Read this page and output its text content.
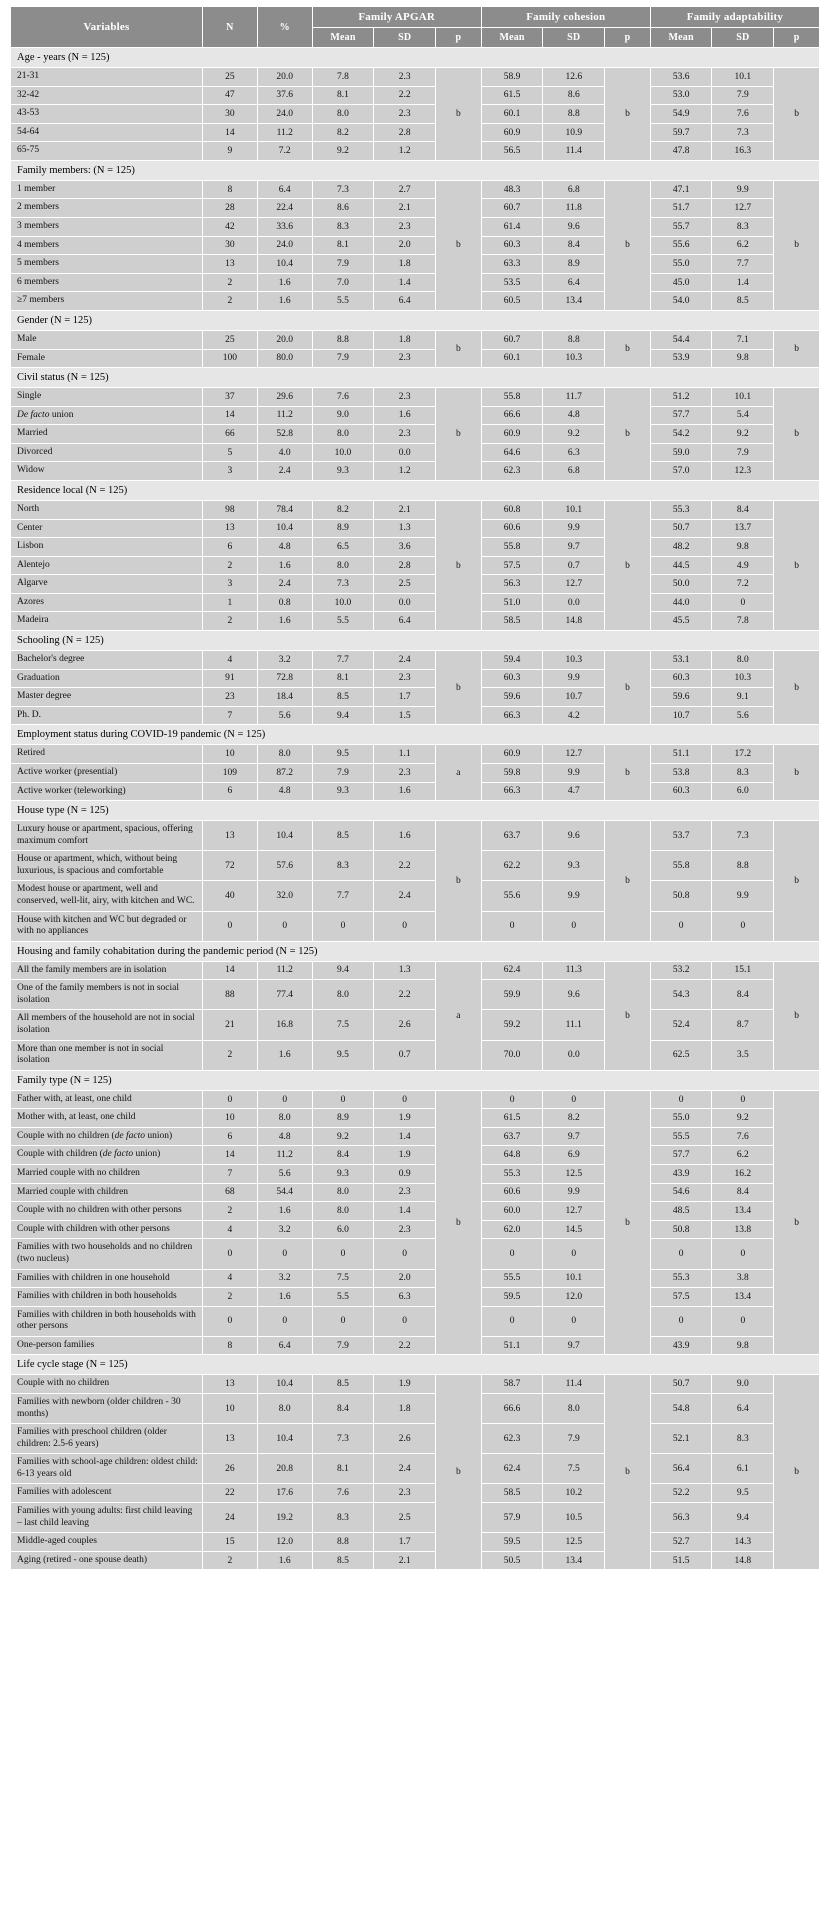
Variables	N	%	Family APGAR			Family cohesion			Family adaptability		
			Mean	SD	p	Mean	SD	p	Mean	SD	p
Age - years (N = 125)											
21-31	25	20.0	7.8	2.3	b	58.9	12.6	b	53.6	10.1	b
32-42	47	37.6	8.1	2.2		61.5	8.6		53.0	7.9	
43-53	30	24.0	8.0	2.3		60.1	8.8		54.9	7.6	
54-64	14	11.2	8.2	2.8		60.9	10.9		59.7	7.3	
65-75	9	7.2	9.2	1.2		56.5	11.4		47.8	16.3	
Family members: (N = 125)											
1 member	8	6.4	7.3	2.7	b	48.3	6.8	b	47.1	9.9	b
2 members	28	22.4	8.6	2.1		60.7	11.8		51.7	12.7	
3 members	42	33.6	8.3	2.3		61.4	9.6		55.7	8.3	
4 members	30	24.0	8.1	2.0		60.3	8.4		55.6	6.2	
5 members	13	10.4	7.9	1.8		63.3	8.9		55.0	7.7	
6 members	2	1.6	7.0	1.4		53.5	6.4		45.0	1.4	
≥7 members	2	1.6	5.5	6.4		60.5	13.4		54.0	8.5	
Gender (N = 125)											
Male	25	20.0	8.8	1.8	b	60.7	8.8	b	54.4	7.1	b
Female	100	80.0	7.9	2.3		60.1	10.3		53.9	9.8	
Civil status (N = 125)											
Single	37	29.6	7.6	2.3	b	55.8	11.7	b	51.2	10.1	b
De facto union	14	11.2	9.0	1.6		66.6	4.8		57.7	5.4	
Married	66	52.8	8.0	2.3		60.9	9.2		54.2	9.2	
Divorced	5	4.0	10.0	0.0		64.6	6.3		59.0	7.9	
Widow	3	2.4	9.3	1.2		62.3	6.8		57.0	12.3	
Residence local (N = 125)											
North	98	78.4	8.2	2.1	b	60.8	10.1	b	55.3	8.4	b
Center	13	10.4	8.9	1.3		60.6	9.9		50.7	13.7	
Lisbon	6	4.8	6.5	3.6		55.8	9.7		48.2	9.8	
Alentejo	2	1.6	8.0	2.8		57.5	0.7		44.5	4.9	
Algarve	3	2.4	7.3	2.5		56.3	12.7		50.0	7.2	
Azores	1	0.8	10.0	0.0		51.0	0.0		44.0	0	
Madeira	2	1.6	5.5	6.4		58.5	14.8		45.5	7.8	
Schooling (N = 125)											
Bachelor's degree	4	3.2	7.7	2.4	b	59.4	10.3	b	53.1	8.0	b
Graduation	91	72.8	8.1	2.3		60.3	9.9		60.3	10.3	
Master degree	23	18.4	8.5	1.7		59.6	10.7		59.6	9.1	
Ph. D.	7	5.6	9.4	1.5		66.3	4.2		10.7	5.6	
Employment status during COVID-19 pandemic (N = 125)											
Retired	10	8.0	9.5	1.1	a	60.9	12.7	b	51.1	17.2	b
Active worker (presential)	109	87.2	7.9	2.3		59.8	9.9		53.8	8.3	
Active worker (teleworking)	6	4.8	9.3	1.6		66.3	4.7		60.3	6.0	
House type (N = 125)											
Luxury house or apartment, spacious, offering maximum comfort	13	10.4	8.5	1.6	b	63.7	9.6	b	53.7	7.3	b
House or apartment, which, without being luxurious, is spacious and comfortable	72	57.6	8.3	2.2		62.2	9.3		55.8	8.8	
Modest house or apartment, well and conserved, well-lit, airy, with kitchen and WC.	40	32.0	7.7	2.4		55.6	9.9		50.8	9.9	
House with kitchen and WC but degraded or with no appliances	0	0	0	0		0	0		0	0	
Housing and family cohabitation during the pandemic period (N = 125)											
All the family members are in isolation	14	11.2	9.4	1.3	a	62.4	11.3	b	53.2	15.1	b
One of the family members is not in social isolation	88	77.4	8.0	2.2		59.9	9.6		54.3	8.4	
All members of the household are not in social isolation	21	16.8	7.5	2.6		59.2	11.1		52.4	8.7	
More than one member is not in social isolation	2	1.6	9.5	0.7		70.0	0.0		62.5	3.5	
Family type (N = 125)											
Father with, at least, one child	0	0	0	0	b	0	0	b	0	0	b
Mother with, at least, one child	10	8.0	8.9	1.9		61.5	8.2		55.0	9.2	
Couple with no children (de facto union)	6	4.8	9.2	1.4		63.7	9.7		55.5	7.6	
Couple with children (de facto union)	14	11.2	8.4	1.9		64.8	6.9		57.7	6.2	
Married couple with no children	7	5.6	9.3	0.9		55.3	12.5		43.9	16.2	
Married couple with children	68	54.4	8.0	2.3		60.6	9.9		54.6	8.4	
Couple with no children with other persons	2	1.6	8.0	1.4		60.0	12.7		48.5	13.4	
Couple with children with other persons	4	3.2	6.0	2.3		62.0	14.5		50.8	13.8	
Families with two households and no children (two nucleus)	0	0	0	0		0	0		0	0	
Families with children in one household	4	3.2	7.5	2.0		55.5	10.1		55.3	3.8	
Families with children in both households	2	1.6	5.5	6.3		59.5	12.0		57.5	13.4	
Families with children in both households with other persons	0	0	0	0		0	0		0	0	
One-person families	8	6.4	7.9	2.2		51.1	9.7		43.9	9.8	
Life cycle stage (N = 125)											
Couple with no children	13	10.4	8.5	1.9	b	58.7	11.4	b	50.7	9.0	b
Families with newborn (older children - 30 months)	10	8.0	8.4	1.8		66.6	8.0		54.8	6.4	
Families with preschool children (older children: 2.5-6 years)	13	10.4	7.3	2.6		62.3	7.9		52.1	8.3	
Families with school-age children: oldest child: 6-13 years old	26	20.8	8.1	2.4		62.4	7.5		56.4	6.1	
Families with adolescent	22	17.6	7.6	2.3		58.5	10.2		52.2	9.5	
Families with young adults: first child leaving – last child leaving	24	19.2	8.3	2.5		57.9	10.5		56.3	9.4	
Middle-aged couples	15	12.0	8.8	1.7		59.5	12.5		52.7	14.3	
Aging (retired - one spouse death)	2	1.6	8.5	2.1		50.5	13.4		51.5	14.8	
